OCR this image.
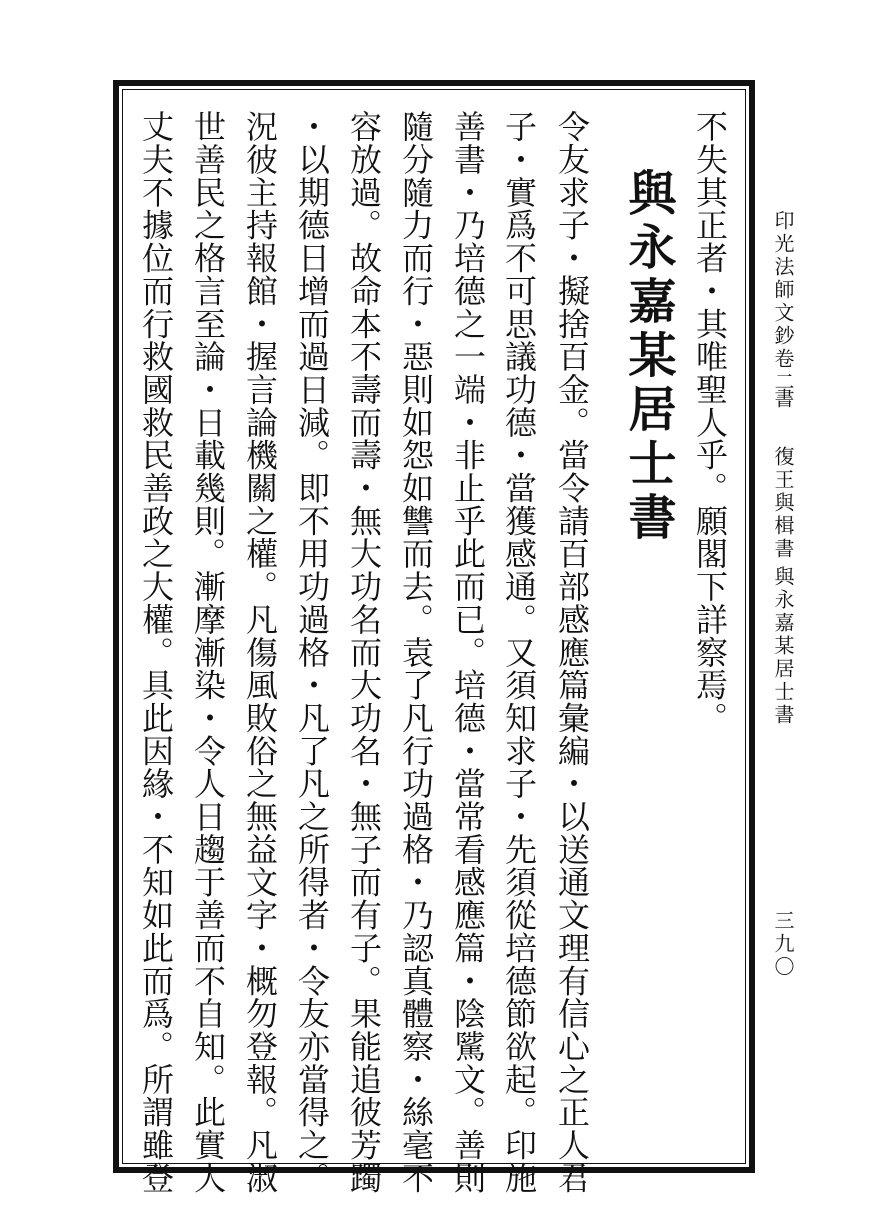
印光法師文鈔卷二
書
復王與楫書
與永嘉某居士書
三九〇
不失其正者・其唯聖人乎。願閣下詳察焉。
與永嘉某居士書
令友求子・擬捨百金。當令請百部感應篇彙編・以送通文理有信心之正人君
子・實爲不可思議功德・當獲感通。又須知求子・先須從培德節欲起。印施
善書・乃培德之一端・非止乎此而已。培德・當常看感應篇・陰騭文。善則
隨分隨力而行・惡則如怨如讐而去。袁了凡行功過格・乃認真體察・絲毫不
容放過。故命本不壽而壽・無大功名而大功名・無子而有子。果能追彼芳躅
・以期德日增而過日減。即不用功過格・凡了凡之所得者・令友亦當得之。
況彼主持報館・握言論機關之權。凡傷風敗俗之無益文字・概勿登報。凡淑
世善民之格言至論・日載幾則。漸摩漸染・令人日趨于善而不自知。此實大
丈夫不據位而行救國救民善政之大權。具此因緣・不知如此而爲。所謂雖登
